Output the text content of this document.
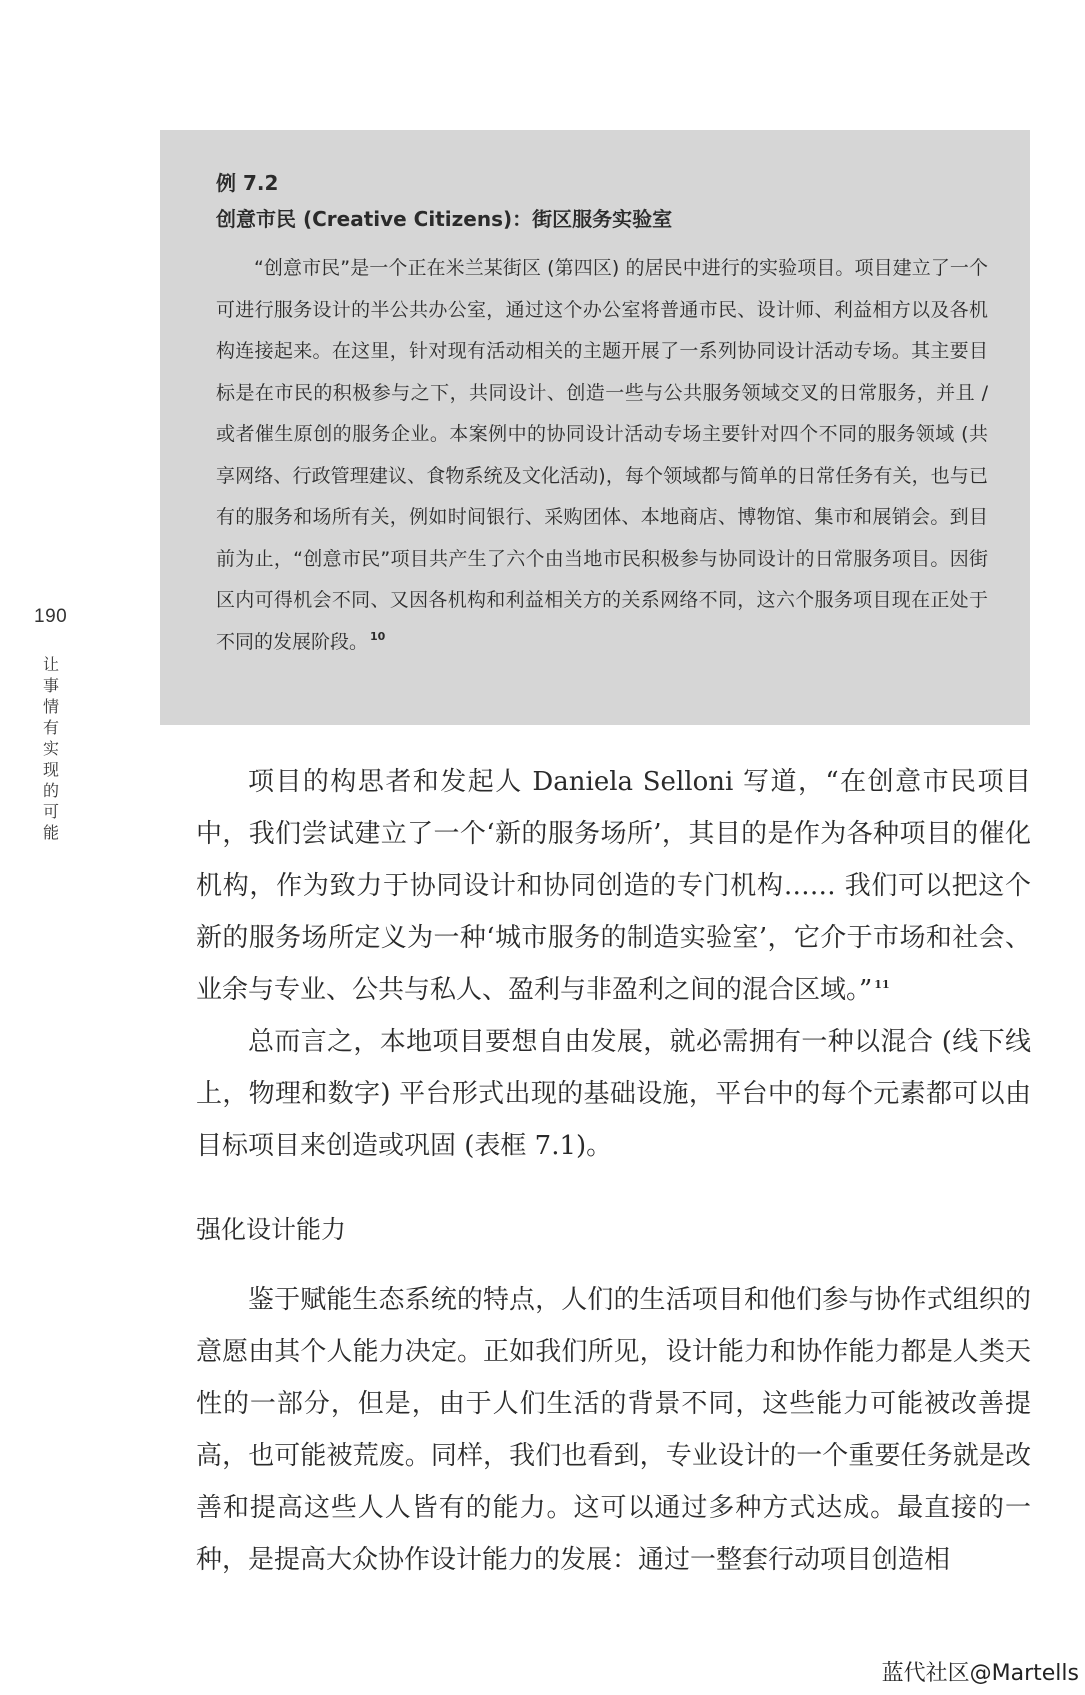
190
让事情有实现的可能

例 7.2

创意市民 (Creative Citizens)：街区服务实验室

“创意市民”是一个正在米兰某街区 (第四区) 的居民中进行的实验项目。项目建立了一个可进行服务设计的半公共办公室，通过这个办公室将普通市民、设计师、利益相方以及各机构连接起来。在这里，针对现有活动相关的主题开展了一系列协同设计活动专场。其主要目标是在市民的积极参与之下，共同设计、创造一些与公共服务领域交叉的日常服务，并且 / 或者催生原创的服务企业。本案例中的协同设计活动专场主要针对四个不同的服务领域 (共享网络、行政管理建议、食物系统及文化活动)，每个领域都与简单的日常任务有关，也与已有的服务和场所有关，例如时间银行、采购团体、本地商店、博物馆、集市和展销会。到目前为止，“创意市民”项目共产生了六个由当地市民积极参与协同设计的日常服务项目。因街区内可得机会不同、又因各机构和利益相关方的关系网络不同，这六个服务项目现在正处于不同的发展阶段。 $^{10}$

项目的构思者和发起人 Daniela Selloni 写道，“在创意市民项目中，我们尝试建立了一个‘新的服务场所’，其目的是作为各种项目的催化机构，作为致力于协同设计和协同创造的专门机构…… 我们可以把这个新的服务场所定义为一种‘城市服务的制造实验室’，它介于市场和社会、业余与专业、公共与私人、盈利与非盈利之间的混合区域。” $^{11}$

总而言之，本地项目要想自由发展，就必需拥有一种以混合 (线下线上，物理和数字) 平台形式出现的基础设施，平台中的每个元素都可以由目标项目来创造或巩固 (表框 7.1)。

强化设计能力

鉴于赋能生态系统的特点，人们的生活项目和他们参与协作式组织的意愿由其个人能力决定。正如我们所见，设计能力和协作能力都是人类天性的一部分，但是，由于人们生活的背景不同，这些能力可能被改善提高，也可能被荒废。同样，我们也看到，专业设计的一个重要任务就是改善和提高这些人人皆有的能力。这可以通过多种方式达成。最直接的一种，是提高大众协作设计能力的发展：通过一整套行动项目创造相

蓝代社区@Martells
